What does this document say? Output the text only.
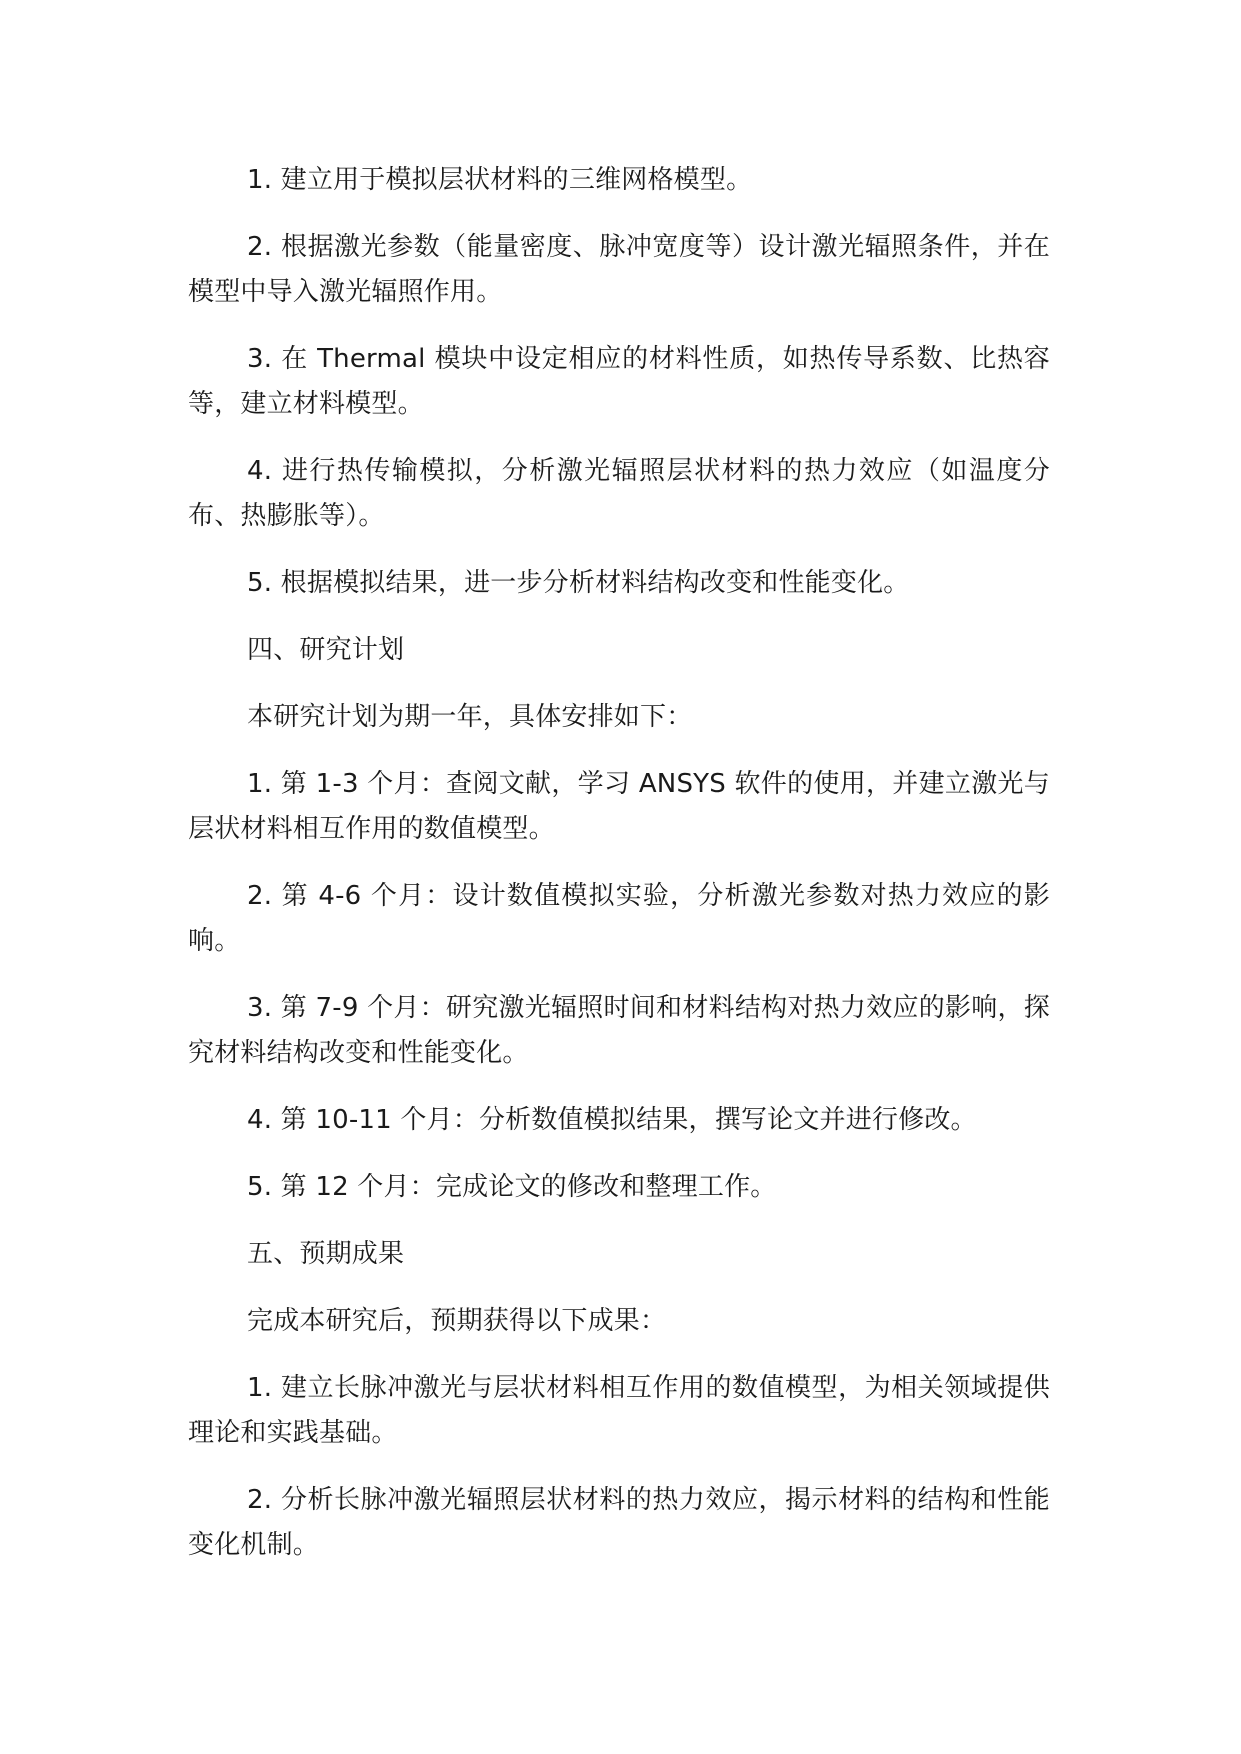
1. 建立用于模拟层状材料的三维网格模型。

2. 根据激光参数（能量密度、脉冲宽度等）设计激光辐照条件，并在模型中导入激光辐照作用。

3. 在 Thermal 模块中设定相应的材料性质，如热传导系数、比热容等，建立材料模型。

4. 进行热传输模拟，分析激光辐照层状材料的热力效应（如温度分布、热膨胀等）。

5. 根据模拟结果，进一步分析材料结构改变和性能变化。

四、研究计划

本研究计划为期一年，具体安排如下：

1. 第 1-3 个月：查阅文献，学习 ANSYS 软件的使用，并建立激光与层状材料相互作用的数值模型。

2. 第 4-6 个月：设计数值模拟实验，分析激光参数对热力效应的影响。

3. 第 7-9 个月：研究激光辐照时间和材料结构对热力效应的影响，探究材料结构改变和性能变化。

4. 第 10-11 个月：分析数值模拟结果，撰写论文并进行修改。

5. 第 12 个月：完成论文的修改和整理工作。

五、预期成果

完成本研究后，预期获得以下成果：

1. 建立长脉冲激光与层状材料相互作用的数值模型，为相关领域提供理论和实践基础。

2. 分析长脉冲激光辐照层状材料的热力效应，揭示材料的结构和性能变化机制。
